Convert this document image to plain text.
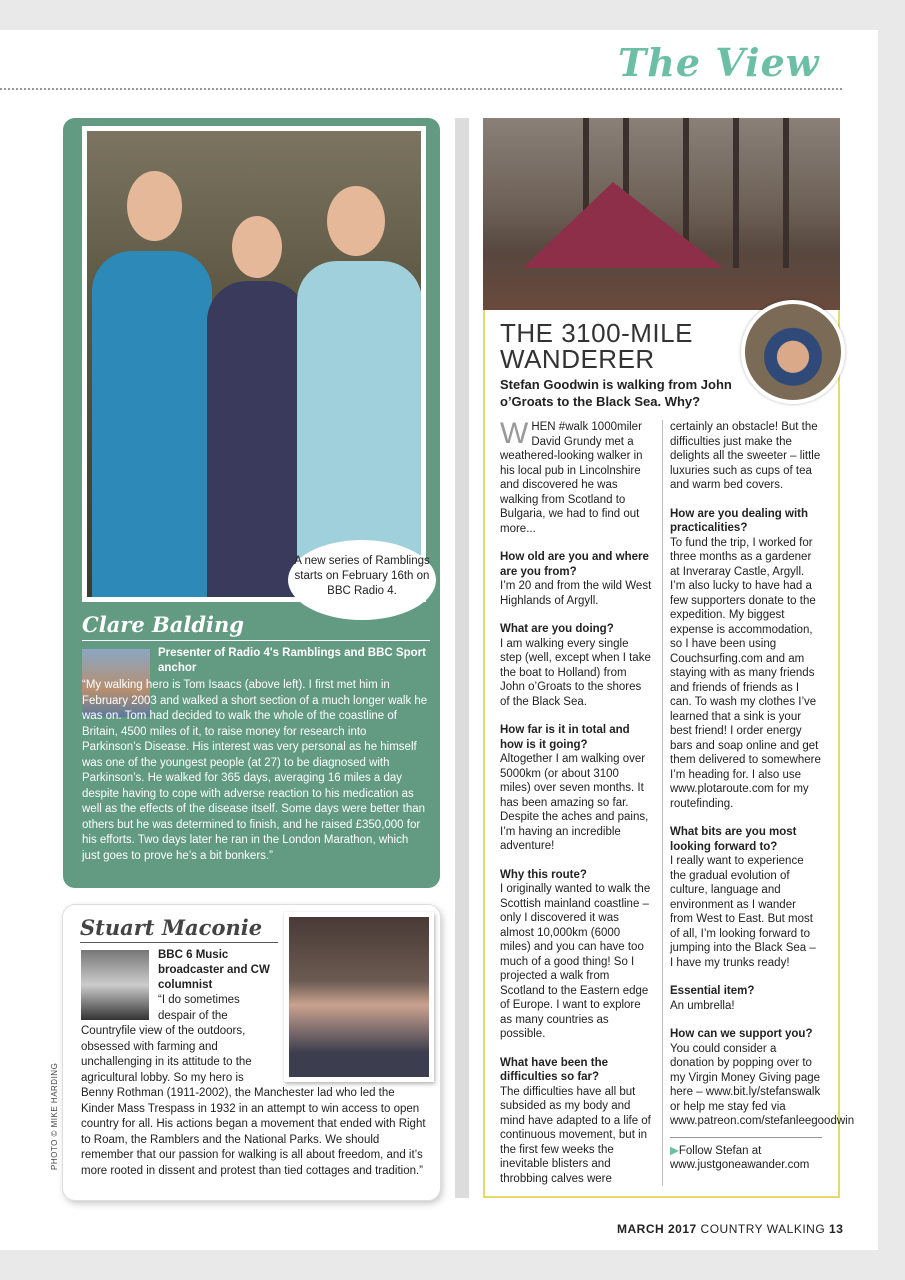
The View
A new series of Ramblings starts on February 16th on BBC Radio 4.
Clare Balding
Presenter of Radio 4's Ramblings and BBC Sport anchor

“My walking hero is Tom Isaacs (above left). I first met him in February 2003 and walked a short section of a much longer walk he was on. Tom had decided to walk the whole of the coastline of Britain, 4500 miles of it, to raise money for research into Parkinson’s Disease. His interest was very personal as he himself was one of the youngest people (at 27) to be diagnosed with Parkinson’s. He walked for 365 days, averaging 16 miles a day despite having to cope with adverse reaction to his medication as well as the effects of the disease itself. Some days were better than others but he was determined to finish, and he raised £350,000 for his efforts. Two days later he ran in the London Marathon, which just goes to prove he’s a bit bonkers.”

Stuart Maconie
BBC 6 Music broadcaster and CW columnist
“I do sometimes despair of the
Countryfile view of the outdoors, obsessed with farming and unchallenging in its attitude to the agricultural lobby. So my hero is
Benny Rothman (1911-2002), the Manchester lad who led the Kinder Mass Trespass in 1932 in an attempt to win access to open country for all. His actions began a movement that ended with Right to Roam, the Ramblers and the National Parks. We should remember that our passion for walking is all about freedom, and it’s more rooted in dissent and protest than tied cottages and tradition.”
PHOTO © MIKE HARDING
THE 3100-MILE WANDERER
Stefan Goodwin is walking from John o’Groats to the Black Sea. Why?

WHEN #walk 1000miler David Grundy met a weathered-looking walker in his local pub in Lincolnshire and discovered he was walking from Scotland to Bulgaria, we had to find out more...

How old are you and where are you from?

I’m 20 and from the wild West Highlands of Argyll.

What are you doing?

I am walking every single step (well, except when I take the boat to Holland) from John o’Groats to the shores of the Black Sea.

How far is it in total and how is it going?

Altogether I am walking over 5000km (or about 3100 miles) over seven months. It has been amazing so far. Despite the aches and pains, I’m having an incredible adventure!

Why this route?

I originally wanted to walk the Scottish mainland coastline – only I discovered it was almost 10,000km (6000 miles) and you can have too much of a good thing! So I projected a walk from Scotland to the Eastern edge of Europe. I want to explore as many countries as possible.

What have been the difficulties so far?

The difficulties have all but subsided as my body and mind have adapted to a life of continuous movement, but in the first few weeks the inevitable blisters and throbbing calves were

certainly an obstacle! But the difficulties just make the delights all the sweeter – little luxuries such as cups of tea and warm bed covers.

How are you dealing with practicalities?

To fund the trip, I worked for three months as a gardener at Inveraray Castle, Argyll. I’m also lucky to have had a few supporters donate to the expedition. My biggest expense is accommodation, so I have been using Couchsurfing.com and am staying with as many friends and friends of friends as I can. To wash my clothes I’ve learned that a sink is your best friend! I order energy bars and soap online and get them delivered to somewhere I’m heading for. I also use www.plotaroute.com for my routefinding.

What bits are you most looking forward to?

I really want to experience the gradual evolution of culture, language and environment as I wander from West to East. But most of all, I’m looking forward to jumping into the Black Sea – I have my trunks ready!

Essential item?

An umbrella!

How can we support you?

You could consider a donation by popping over to my Virgin Money Giving page here – www.bit.ly/stefanswalk or help me stay fed via www.patreon.com/stefanleegoodwin

▶Follow Stefan at www.justgoneawander.com

MARCH 2017 COUNTRY WALKING 13
